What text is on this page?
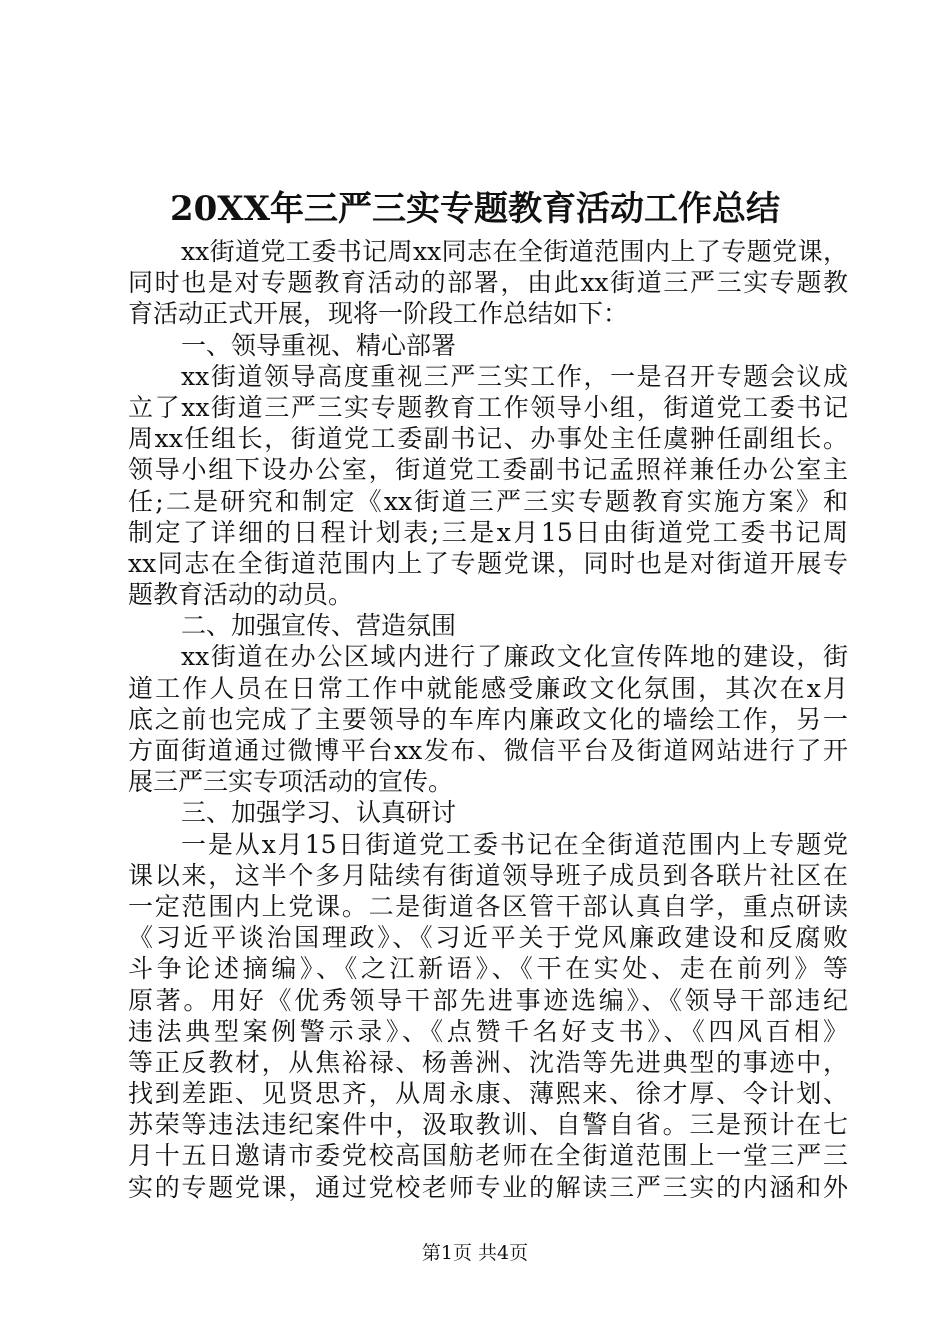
20XX年三严三实专题教育活动工作总结
xx街道党工委书记周xx同志在全街道范围内上了专题党课，
同时也是对专题教育活动的部署，由此xx街道三严三实专题教
育活动正式开展，现将一阶段工作总结如下：
一、领导重视、精心部署
xx街道领导高度重视三严三实工作，一是召开专题会议成
立了xx街道三严三实专题教育工作领导小组，街道党工委书记
周xx任组长，街道党工委副书记、办事处主任虞翀任副组长。
领导小组下设办公室，街道党工委副书记孟照祥兼任办公室主
任;二是研究和制定《xx街道三严三实专题教育实施方案》和
制定了详细的日程计划表;三是x月15日由街道党工委书记周
xx同志在全街道范围内上了专题党课，同时也是对街道开展专
题教育活动的动员。
二、加强宣传、营造氛围
xx街道在办公区域内进行了廉政文化宣传阵地的建设，街
道工作人员在日常工作中就能感受廉政文化氛围，其次在x月
底之前也完成了主要领导的车库内廉政文化的墙绘工作，另一
方面街道通过微博平台xx发布、微信平台及街道网站进行了开
展三严三实专项活动的宣传。
三、加强学习、认真研讨
一是从x月15日街道党工委书记在全街道范围内上专题党
课以来，这半个多月陆续有街道领导班子成员到各联片社区在
一定范围内上党课。二是街道各区管干部认真自学，重点研读
《习近平谈治国理政》、《习近平关于党风廉政建设和反腐败
斗争论述摘编》、《之江新语》、《干在实处、走在前列》等
原著。用好《优秀领导干部先进事迹选编》、《领导干部违纪
违法典型案例警示录》、《点赞千名好支书》、《四风百相》
等正反教材，从焦裕禄、杨善洲、沈浩等先进典型的事迹中，
找到差距、见贤思齐，从周永康、薄熙来、徐才厚、令计划、
苏荣等违法违纪案件中，汲取教训、自警自省。三是预计在七
月十五日邀请市委党校高国舫老师在全街道范围上一堂三严三
实的专题党课，通过党校老师专业的解读三严三实的内涵和外
第1页 共4页
